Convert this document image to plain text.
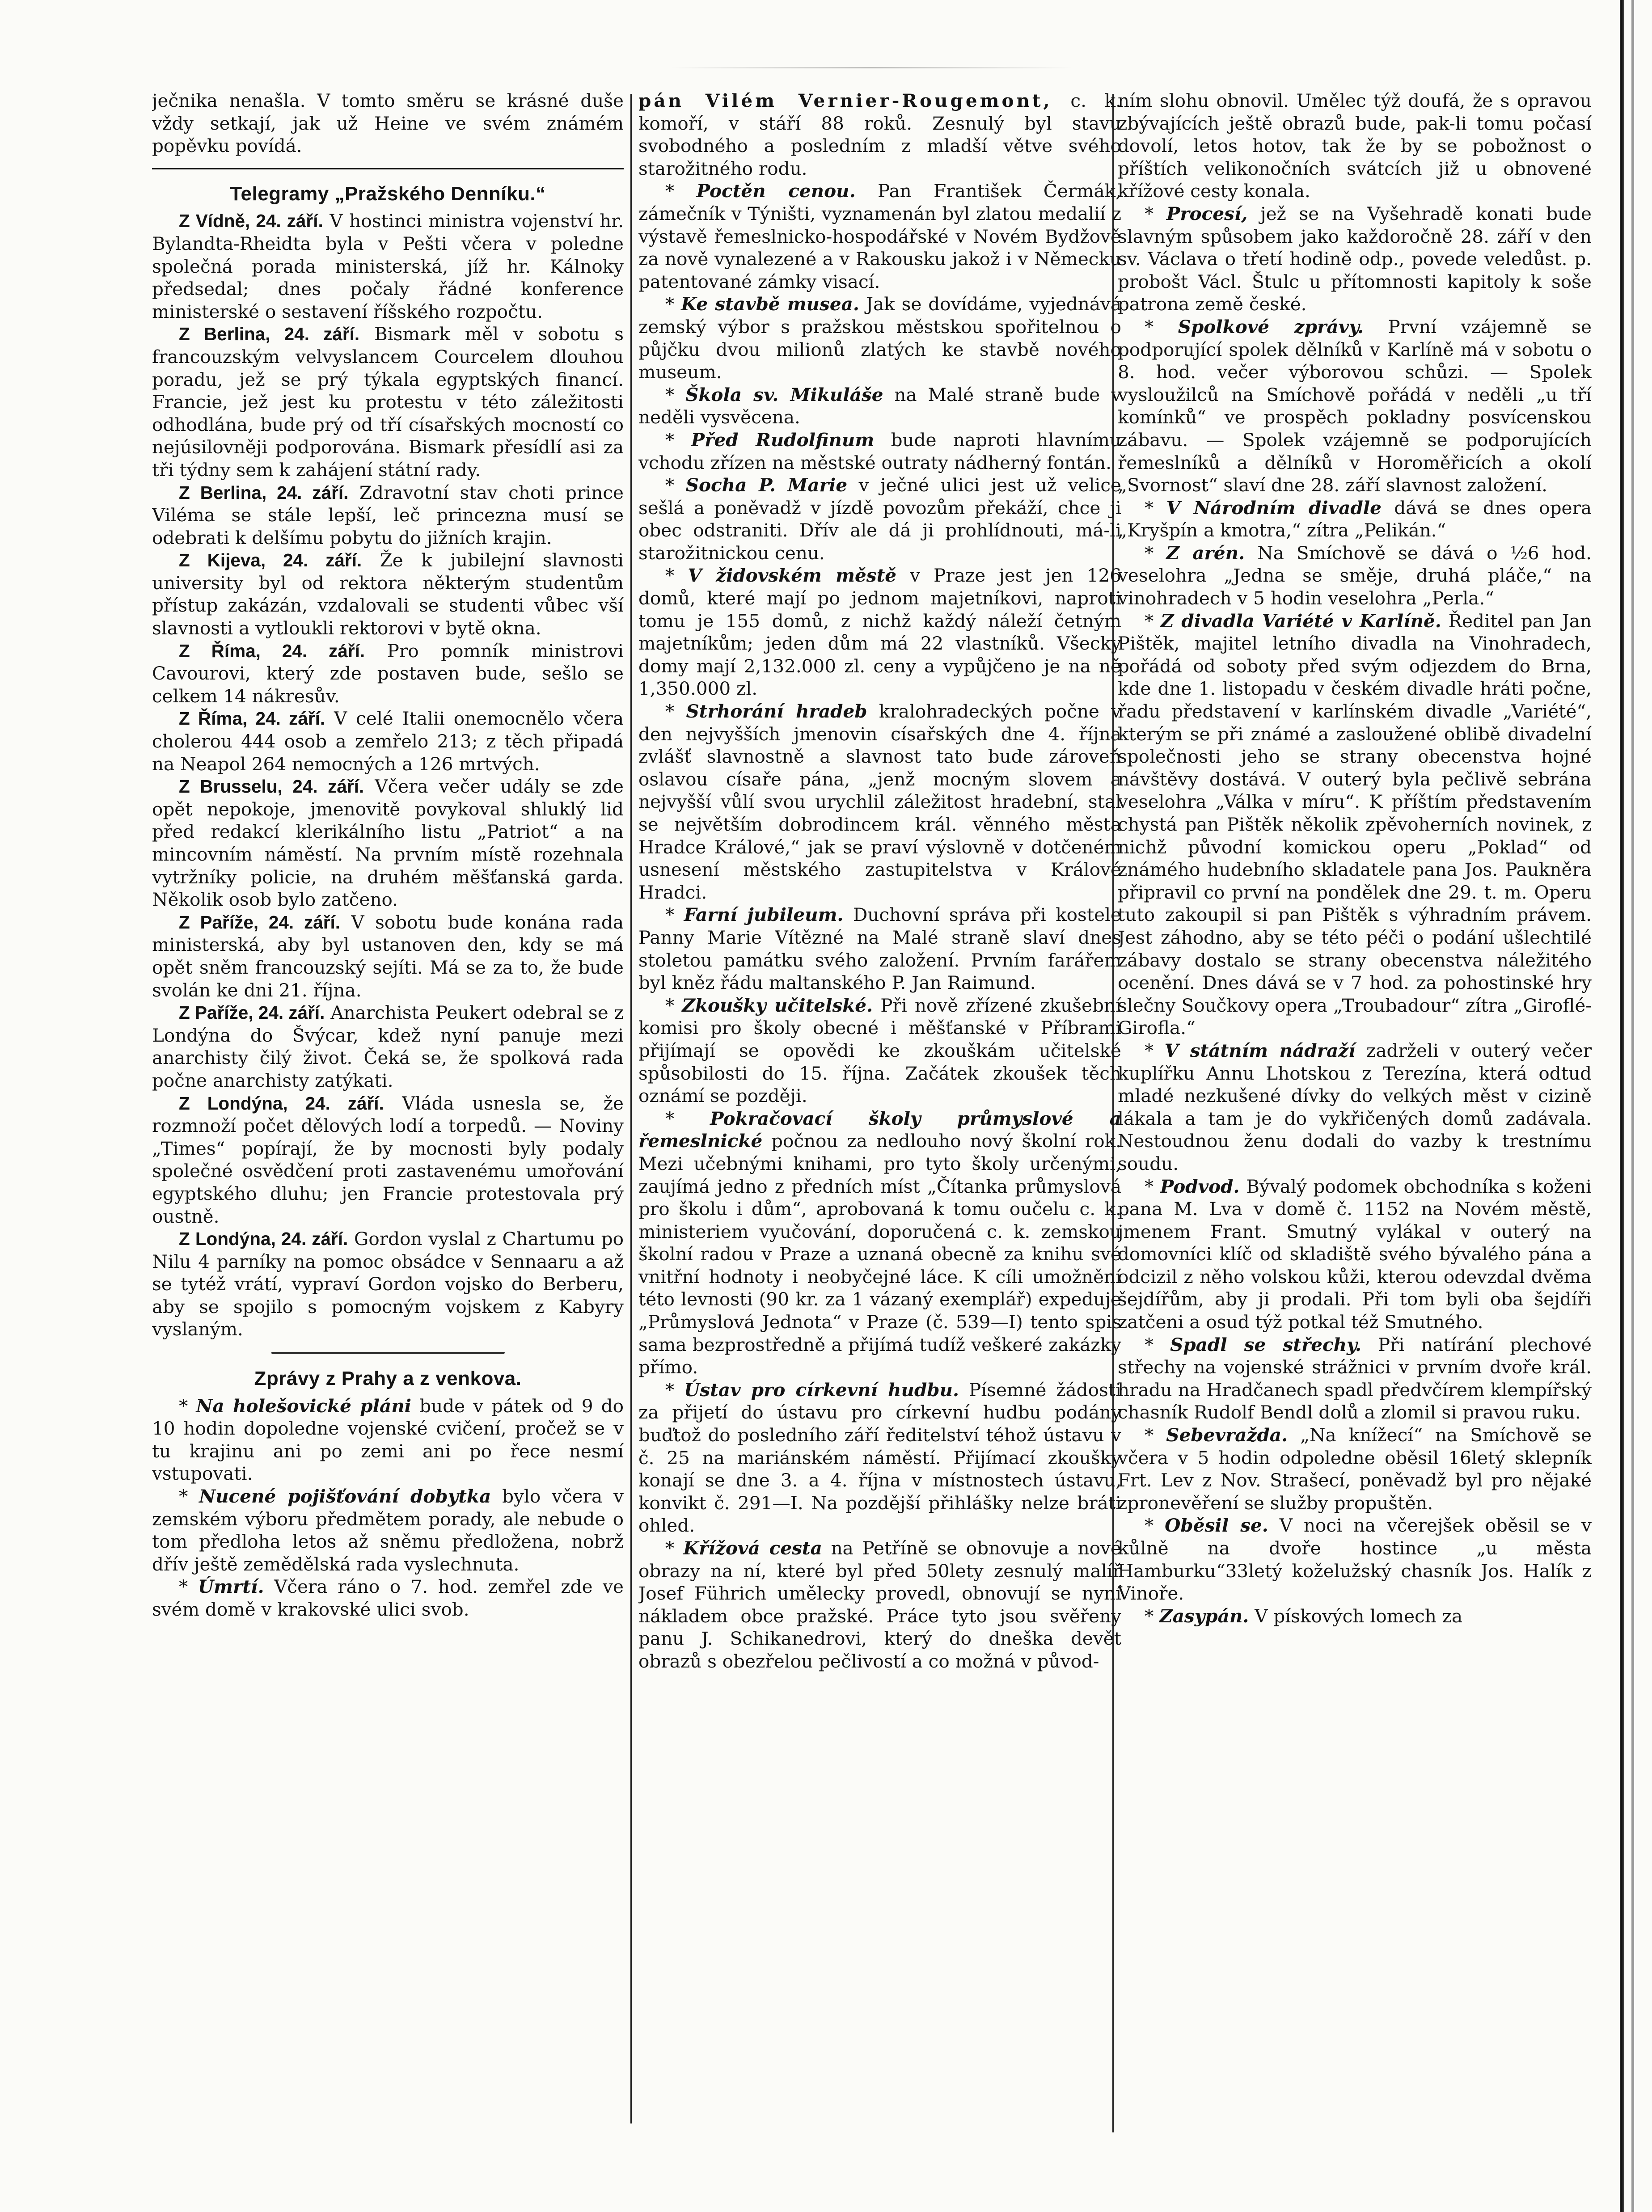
ječnika nenašla. V tomto směru se krásné duše vždy setkají, jak už Heine ve svém známém popěvku povídá.

Telegramy „Pražského Denníku.“

Z Vídně, 24. září. V hostinci ministra vojenství hr. Bylandta-Rheidta byla v Pešti včera v poledne společná porada ministerská, jíž hr. Kálnoky předsedal; dnes počaly řádné konference ministerské o sestavení říšského rozpočtu.

Z Berlina, 24. září. Bismark měl v sobotu s francouzským velvyslancem Courcelem dlouhou poradu, jež se prý týkala egyptských financí. Francie, jež jest ku protestu v této záležitosti odhodlána, bude prý od tří císařských mocností co nejúsilovněji podporována. Bismark přesídlí asi za tři týdny sem k zahájení státní rady.

Z Berlina, 24. září. Zdravotní stav choti prince Viléma se stále lepší, leč princezna musí se odebrati k delšímu pobytu do jižních krajin.

Z Kijeva, 24. září. Že k jubilejní slavnosti university byl od rektora některým studentům přístup zakázán, vzdalovali se studenti vůbec vší slavnosti a vytloukli rektorovi v bytě okna.

Z Říma, 24. září. Pro pomník ministrovi Cavourovi, který zde postaven bude, sešlo se celkem 14 nákresův.

Z Říma, 24. září. V celé Italii onemocnělo včera cholerou 444 osob a zemřelo 213; z těch připadá na Neapol 264 nemocných a 126 mrtvých.

Z Brusselu, 24. září. Včera večer udály se zde opět nepokoje, jmenovitě povykoval shluklý lid před redakcí klerikálního listu „Patriot“ a na mincovním náměstí. Na prvním místě rozehnala vytržníky policie, na druhém měšťanská garda. Několik osob bylo zatčeno.

Z Paříže, 24. září. V sobotu bude konána rada ministerská, aby byl ustanoven den, kdy se má opět sněm francouzský sejíti. Má se za to, že bude svolán ke dni 21. října.

Z Paříže, 24. září. Anarchista Peukert odebral se z Londýna do Švýcar, kdež nyní panuje mezi anarchisty čilý život. Čeká se, že spolková rada počne anarchisty zatýkati.

Z Londýna, 24. září. Vláda usnesla se, že rozmnoží počet dělových lodí a torpedů. — Noviny „Times“ popírají, že by mocnosti byly podaly společné osvědčení proti zastavenému umořování egyptského dluhu; jen Francie protestovala prý oustně.

Z Londýna, 24. září. Gordon vyslal z Chartumu po Nilu 4 parníky na pomoc obsádce v Sennaaru a až se tytéž vrátí, vypraví Gordon vojsko do Berberu, aby se spojilo s pomocným vojskem z Kabyry vyslaným.

Zprávy z Prahy a z venkova.

* Na holešovické pláni bude v pátek od 9 do 10 hodin dopoledne vojenské cvičení, pročež se v tu krajinu ani po zemi ani po řece nesmí vstupovati.

* Nucené pojišťování dobytka bylo včera v zemském výboru předmětem porady, ale nebude o tom předloha letos až sněmu předložena, nobrž dřív ještě zemědělská rada vyslechnuta.

* Úmrtí. Včera ráno o 7. hod. zemřel zde ve svém domě v krakovské ulici svob.

pán Vilém Vernier-Rougemont, c. k. komoří, v stáří 88 roků. Zesnulý byl stavu svobodného a posledním z mladší větve svého starožitného rodu.

* Poctěn cenou. Pan František Čermák, zámečník v Týništi, vyznamenán byl zlatou medalií z výstavě řemeslnicko-hospodářské v Novém Bydžově za nově vynalezené a v Rakousku jakož i v Německu patentované zámky visací.

* Ke stavbě musea. Jak se dovídáme, vyjednává zemský výbor s pražskou městskou spořitelnou o půjčku dvou milionů zlatých ke stavbě nového museum.

* Škola sv. Mikuláše na Malé straně bude v neděli vysvěcena.

* Před Rudolfinum bude naproti hlavnímu vchodu zřízen na městské outraty nádherný fontán.

* Socha P. Marie v ječné ulici jest už velice sešlá a poněvadž v jízdě povozům překáží, chce ji obec odstraniti. Dřív ale dá ji prohlídnouti, má-li starožitnickou cenu.

* V židovském městě v Praze jest jen 126 domů, které mají po jednom majetníkovi, naproti tomu je 155 domů, z nichž každý náleží četným majetníkům; jeden dům má 22 vlastníků. Všecky domy mají 2,132.000 zl. ceny a vypůjčeno je na ně 1,350.000 zl.

* Strhorání hradeb kralohradeckých počne v den nejvyšších jmenovin císařských dne 4. října zvlášť slavnostně a slavnost tato bude zároveň oslavou císaře pána, „jenž mocným slovem a nejvyšší vůlí svou urychlil záležitost hradební, stal se největším dobrodincem král. věnného města Hradce Králové,“ jak se praví výslovně v dotčeném usnesení městského zastupitelstva v Králové Hradci.

* Farní jubileum. Duchovní správa při kostele Panny Marie Vítězné na Malé straně slaví dnes stoletou památku svého založení. Prvním farářem byl kněz řádu maltanského P. Jan Raimund.

* Zkoušky učitelské. Při nově zřízené zkušební komisi pro školy obecné i měšťanské v Příbrami přijímají se opovědi ke zkouškám učitelské spůsobilosti do 15. října. Začátek zkoušek těch oznámí se později.

* Pokračovací školy průmyslové a řemeslnické počnou za nedlouho nový školní rok. Mezi učebnými knihami, pro tyto školy určenými, zaujímá jedno z předních míst „Čítanka průmyslová pro školu i dům“, aprobovaná k tomu oučelu c. k. ministeriem vyučování, doporučená c. k. zemskou školní radou v Praze a uznaná obecně za knihu své vnitřní hodnoty i neobyčejné láce. K cíli umožnění této levnosti (90 kr. za 1 vázaný exemplář) expeduje „Průmyslová Jednota“ v Praze (č. 539—I) tento spis sama bezprostředně a přijímá tudíž veškeré zakázky přímo.

* Ústav pro církevní hudbu. Písemné žádosti za přijetí do ústavu pro církevní hudbu podány buďtož do posledního září ředitelství téhož ústavu v č. 25 na mariánském náměstí. Přijímací zkoušky konají se dne 3. a 4. října v místnostech ústavu, konvikt č. 291—I. Na pozdější přihlášky nelze bráti ohled.

* Křížová cesta na Petříně se obnovuje a nové obrazy na ní, které byl před 50lety zesnulý malíř Josef Führich umělecky provedl, obnovují se nyní nákladem obce pražské. Práce tyto jsou svěřeny panu J. Schikanedrovi, který do dneška devět obrazů s obezřelou pečlivostí a co možná v původ-

ním slohu obnovil. Umělec týž doufá, že s opravou zbývajících ještě obrazů bude, pak-li tomu počasí dovolí, letos hotov, tak že by se pobožnost o příštích velikonočních svátcích již u obnovené křížové cesty konala.

* Procesí, jež se na Vyšehradě konati bude slavným spůsobem jako každoročně 28. září v den sv. Václava o třetí hodině odp., povede veledůst. p. probošt Václ. Štulc u přítomnosti kapitoly k soše patrona země české.

* Spolkové zprávy. První vzájemně se podporující spolek dělníků v Karlíně má v sobotu o 8. hod. večer výborovou schůzi. — Spolek vysloužilců na Smíchově pořádá v neděli „u tří komínků“ ve prospěch pokladny posvícenskou zábavu. — Spolek vzájemně se podporujících řemeslníků a dělníků v Horoměřicích a okolí „Svornost“ slaví dne 28. září slavnost založení.

* V Národním divadle dává se dnes opera „Kryšpín a kmotra,“ zítra „Pelikán.“

* Z arén. Na Smíchově se dává o ½6 hod. veselohra „Jedna se směje, druhá pláče,“ na vinohradech v 5 hodin veselohra „Perla.“

* Z divadla Variété v Karlíně. Ředitel pan Jan Pištěk, majitel letního divadla na Vinohradech, pořádá od soboty před svým odjezdem do Brna, kde dne 1. listopadu v českém divadle hráti počne, řadu představení v karlínském divadle „Variété“, kterým se při známé a zasloužené oblibě divadelní společnosti jeho se strany obecenstva hojné návštěvy dostává. V outerý byla pečlivě sebrána veselohra „Válka v míru“. K příštím představením chystá pan Pištěk několik zpěvoherních novinek, z nichž původní komickou operu „Poklad“ od známého hudebního skladatele pana Jos. Paukněra připravil co první na pondělek dne 29. t. m. Operu tuto zakoupil si pan Pištěk s výhradním právem. Jest záhodno, aby se této péči o podání ušlechtilé zábavy dostalo se strany obecenstva náležitého ocenění. Dnes dává se v 7 hod. za pohostinské hry slečny Součkovy opera „Troubadour“ zítra „Giroflé-Girofla.“

* V státním nádraží zadrželi v outerý večer kuplířku Annu Lhotskou z Terezína, která odtud mladé nezkušené dívky do velkých měst v cizině lákala a tam je do vykřičených domů zadávala. Nestoudnou ženu dodali do vazby k trestnímu soudu.

* Podvod. Bývalý podomek obchodníka s koženi pana M. Lva v domě č. 1152 na Novém městě, jmenem Frant. Smutný vylákal v outerý na domovníci klíč od skladiště svého bývalého pána a odcizil z něho volskou kůži, kterou odevzdal dvěma šejdířům, aby ji prodali. Při tom byli oba šejdíři zatčeni a osud týž potkal též Smutného.

* Spadl se střechy. Při natírání plechové střechy na vojenské strážnici v prvním dvoře král. hradu na Hradčanech spadl předvčírem klempířský chasník Rudolf Bendl dolů a zlomil si pravou ruku.

* Sebevražda. „Na knížecí“ na Smíchově se včera v 5 hodin odpoledne oběsil 16letý sklepník Frt. Lev z Nov. Strašecí, poněvadž byl pro nějaké zpronevěření se služby propuštěn.

* Oběsil se. V noci na včerejšek oběsil se v kůlně na dvoře hostince „u města Hamburku“33letý koželužský chasník Jos. Halík z Vinoře.

* Zasypán. V pískových lomech za
